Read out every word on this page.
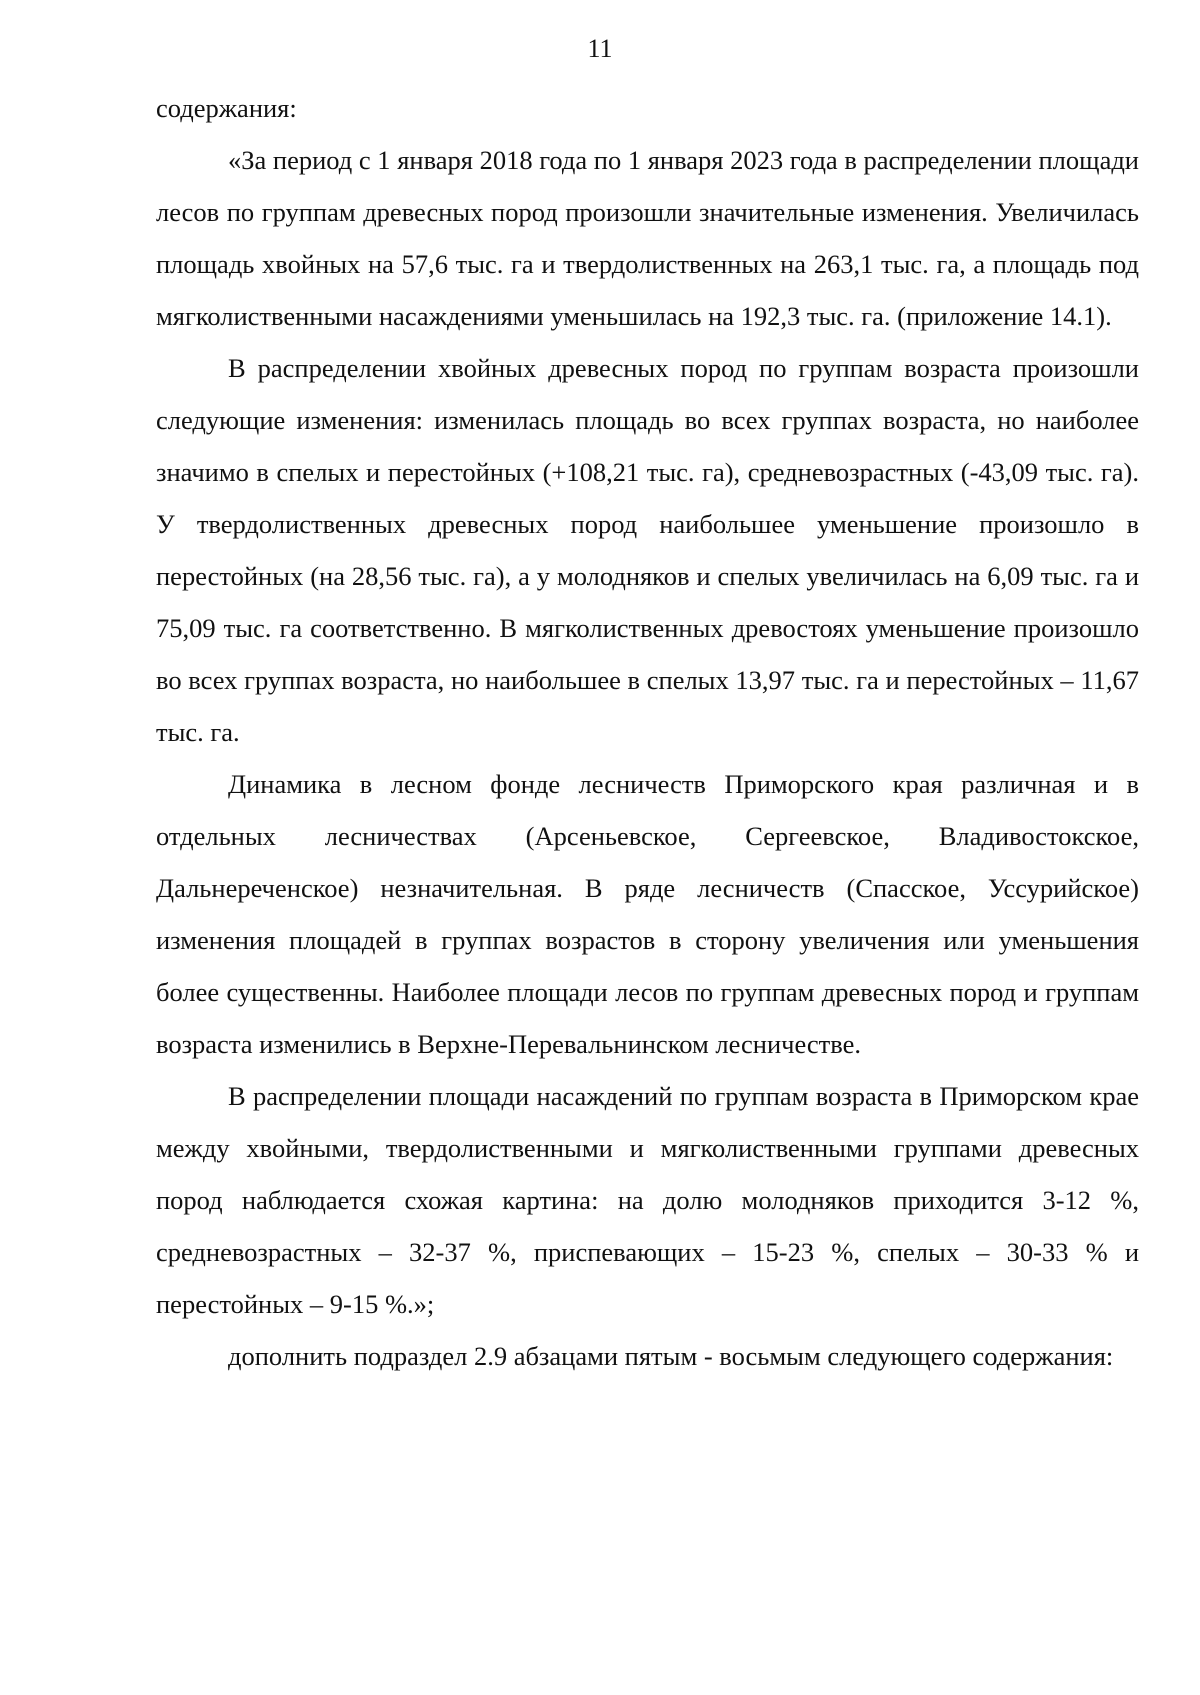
11

содержания:

«За период с 1 января 2018 года по 1 января 2023 года в распределении площади лесов по группам древесных пород произошли значительные изменения. Увеличилась площадь хвойных на 57,6 тыс. га и твердолиственных на 263,1 тыс. га, а площадь под мягколиственными насаждениями уменьшилась на 192,3 тыс. га. (приложение 14.1).

В распределении хвойных древесных пород по группам возраста произошли следующие изменения: изменилась площадь во всех группах возраста, но наиболее значимо в спелых и перестойных (+108,21 тыс. га), средневозрастных (-43,09 тыс. га). У твердолиственных древесных пород наибольшее уменьшение произошло в перестойных (на 28,56 тыс. га), а у молодняков и спелых увеличилась на 6,09 тыс. га и 75,09 тыс. га соответственно. В мягколиственных древостоях уменьшение произошло во всех группах возраста, но наибольшее в спелых 13,97 тыс. га и перестойных – 11,67 тыс. га.

Динамика в лесном фонде лесничеств Приморского края различная и в отдельных лесничествах (Арсеньевское, Сергеевское, Владивостокское, Дальнереченское) незначительная. В ряде лесничеств (Спасское, Уссурийское) изменения площадей в группах возрастов в сторону увеличения или уменьшения более существенны. Наиболее площади лесов по группам древесных пород и группам возраста изменились в Верхне-Перевальнинском лесничестве.

В распределении площади насаждений по группам возраста в Приморском крае между хвойными, твердолиственными и мягколиственными группами древесных пород наблюдается схожая картина: на долю молодняков приходится 3-12 %, средневозрастных – 32-37 %, приспевающих – 15-23 %, спелых – 30-33 % и перестойных – 9-15 %.»;

дополнить подраздел 2.9 абзацами пятым - восьмым следующего содержания:
